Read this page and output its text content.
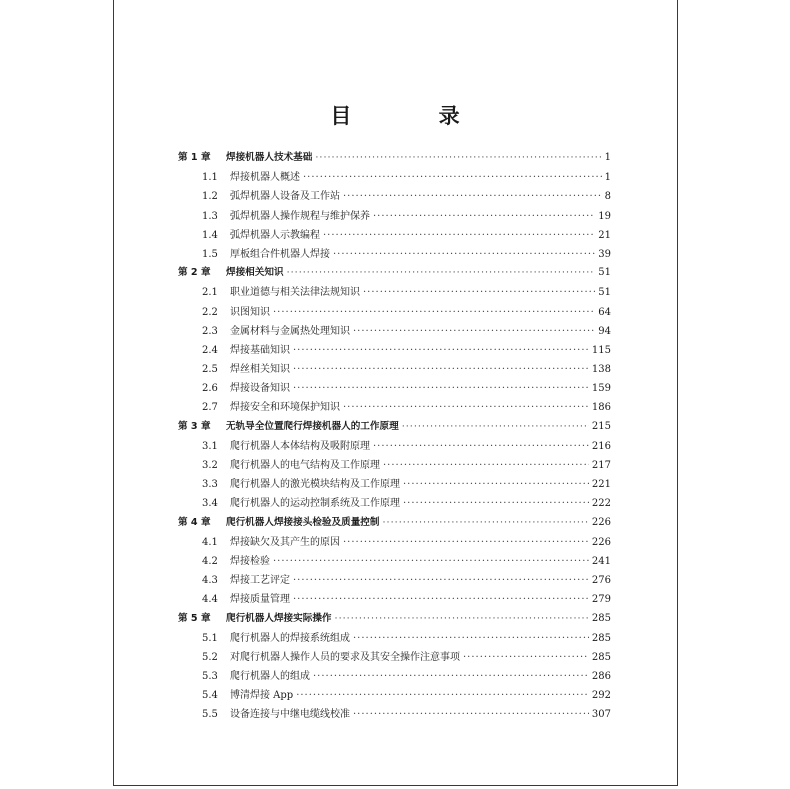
目 录
第 1 章	焊接机器人技术基础 ·····	1
1.1	焊接机器人概述 ·····	1
1.2	弧焊机器人设备及工作站 ·····	8
1.3	弧焊机器人操作规程与维护保养 ·····	19
1.4	弧焊机器人示教编程 ·····	21
1.5	厚板组合件机器人焊接 ·····	39
第 2 章	焊接相关知识 ·····	51
2.1	职业道德与相关法律法规知识 ·····	51
2.2	识图知识 ·····	64
2.3	金属材料与金属热处理知识 ·····	94
2.4	焊接基础知识 ·····	115
2.5	焊丝相关知识 ·····	138
2.6	焊接设备知识 ·····	159
2.7	焊接安全和环境保护知识 ·····	186
第 3 章	无轨导全位置爬行焊接机器人的工作原理 ·····	215
3.1	爬行机器人本体结构及吸附原理 ·····	216
3.2	爬行机器人的电气结构及工作原理 ·····	217
3.3	爬行机器人的激光模块结构及工作原理 ·····	221
3.4	爬行机器人的运动控制系统及工作原理 ·····	222
第 4 章	爬行机器人焊接接头检验及质量控制 ·····	226
4.1	焊接缺欠及其产生的原因 ·····	226
4.2	焊接检验 ·····	241
4.3	焊接工艺评定 ·····	276
4.4	焊接质量管理 ·····	279
第 5 章	爬行机器人焊接实际操作 ·····	285
5.1	爬行机器人的焊接系统组成 ·····	285
5.2	对爬行机器人操作人员的要求及其安全操作注意事项 ·····	285
5.3	爬行机器人的组成 ·····	286
5.4	博清焊接 App ·····	292
5.5	设备连接与中继电缆线校准 ·····	307
